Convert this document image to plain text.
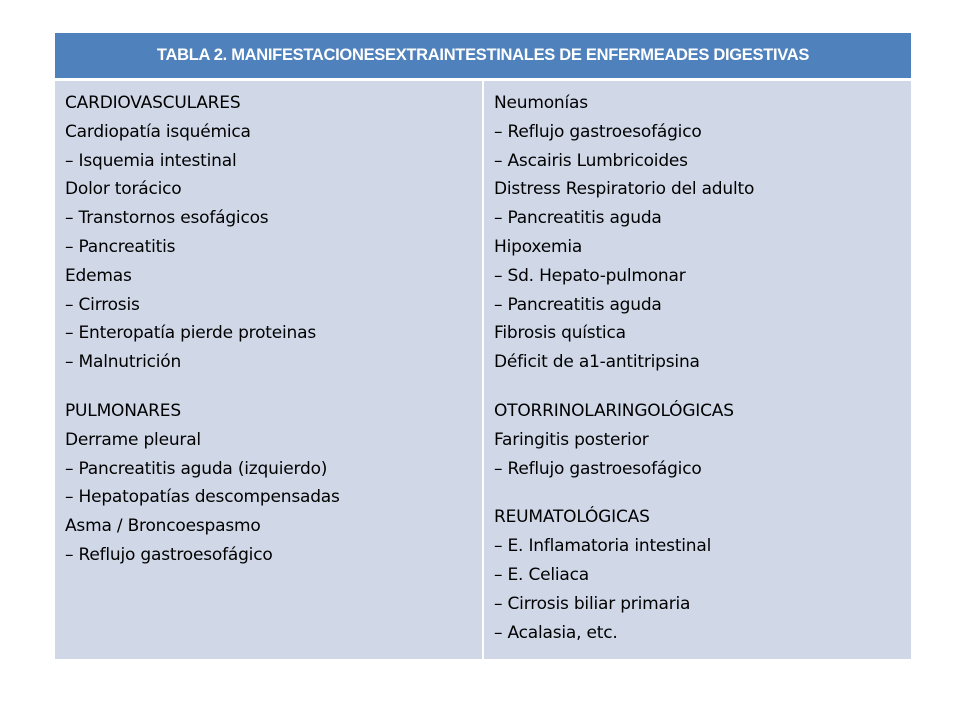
TABLA 2. MANIFESTACIONESEXTRAINTESTINALES DE ENFERMEADES DIGESTIVAS

CARDIOVASCULARES
Cardiopatía isquémica
– Isquemia intestinal
Dolor torácico
– Transtornos esofágicos
– Pancreatitis
Edemas
– Cirrosis
– Enteropatía pierde proteinas
– Malnutrición
PULMONARES
Derrame pleural
– Pancreatitis aguda (izquierdo)
– Hepatopatías descompensadas
Asma / Broncoespasmo
– Reflujo gastroesofágico

Neumonías
– Reflujo gastroesofágico
– Ascairis Lumbricoides
Distress Respiratorio del adulto
– Pancreatitis aguda
Hipoxemia
– Sd. Hepato-pulmonar
– Pancreatitis aguda
Fibrosis quística
Déficit de a1-antitripsina
OTORRINOLARINGOLÓGICAS
Faringitis posterior
– Reflujo gastroesofágico
REUMATOLÓGICAS
– E. Inflamatoria intestinal
– E. Celiaca
– Cirrosis biliar primaria
– Acalasia, etc.
